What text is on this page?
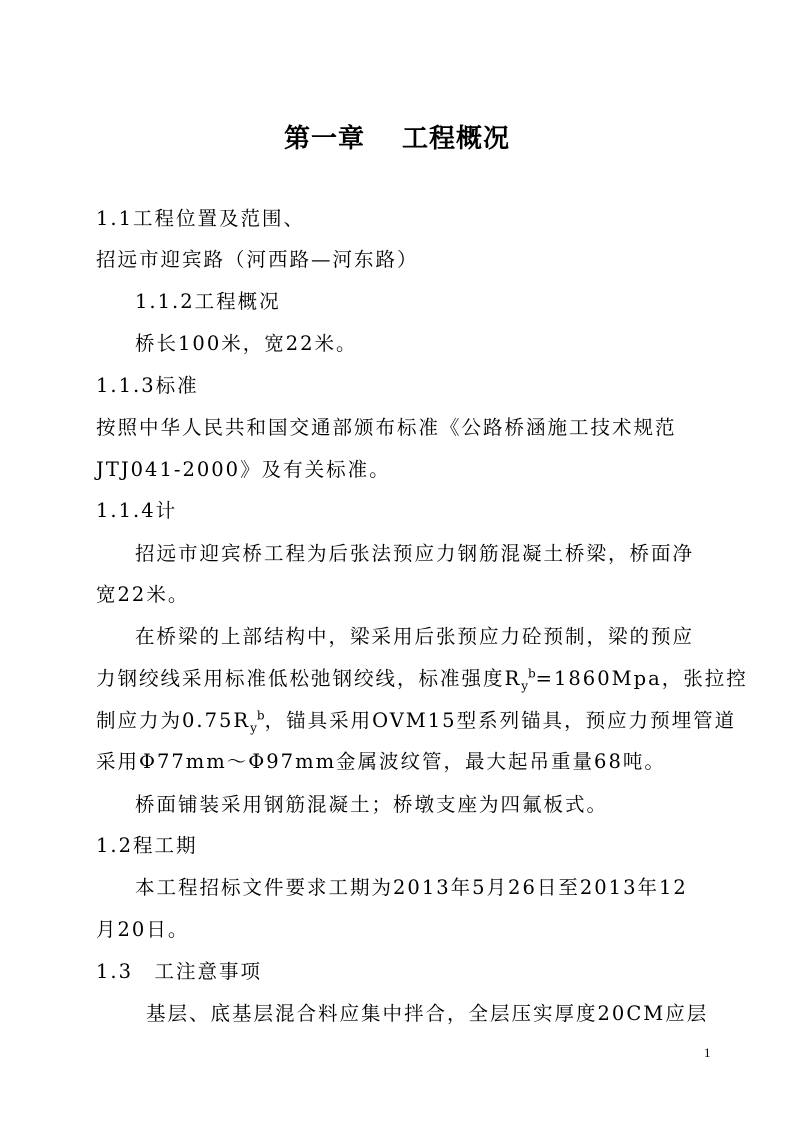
第一章　 工程概况
1.1工程位置及范围、
招远市迎宾路（河西路—河东路）
1.1.2工程概况
桥长100米，宽22米。
1.1.3标准
按照中华人民共和国交通部颁布标准《公路桥涵施工技术规范
JTJ041-2000》及有关标准。
1.1.4计
招远市迎宾桥工程为后张法预应力钢筋混凝土桥梁，桥面净
宽22米。
在桥梁的上部结构中，梁采用后张预应力砼预制，梁的预应
力钢绞线采用标准低松弛钢绞线，标准强度$R_y^b=1860Mpa$，张拉控
制应力为$0.75R_y^b$，锚具采用OVM15型系列锚具，预应力预埋管道
采用Φ77mm～Φ97mm金属波纹管，最大起吊重量68吨。
桥面铺装采用钢筋混凝土；桥墩支座为四氟板式。
1.2程工期
本工程招标文件要求工期为2013年5月26日至2013年12
月20日。
1.3　工注意事项
基层、底基层混合料应集中拌合，全层压实厚度20CM应层
1
